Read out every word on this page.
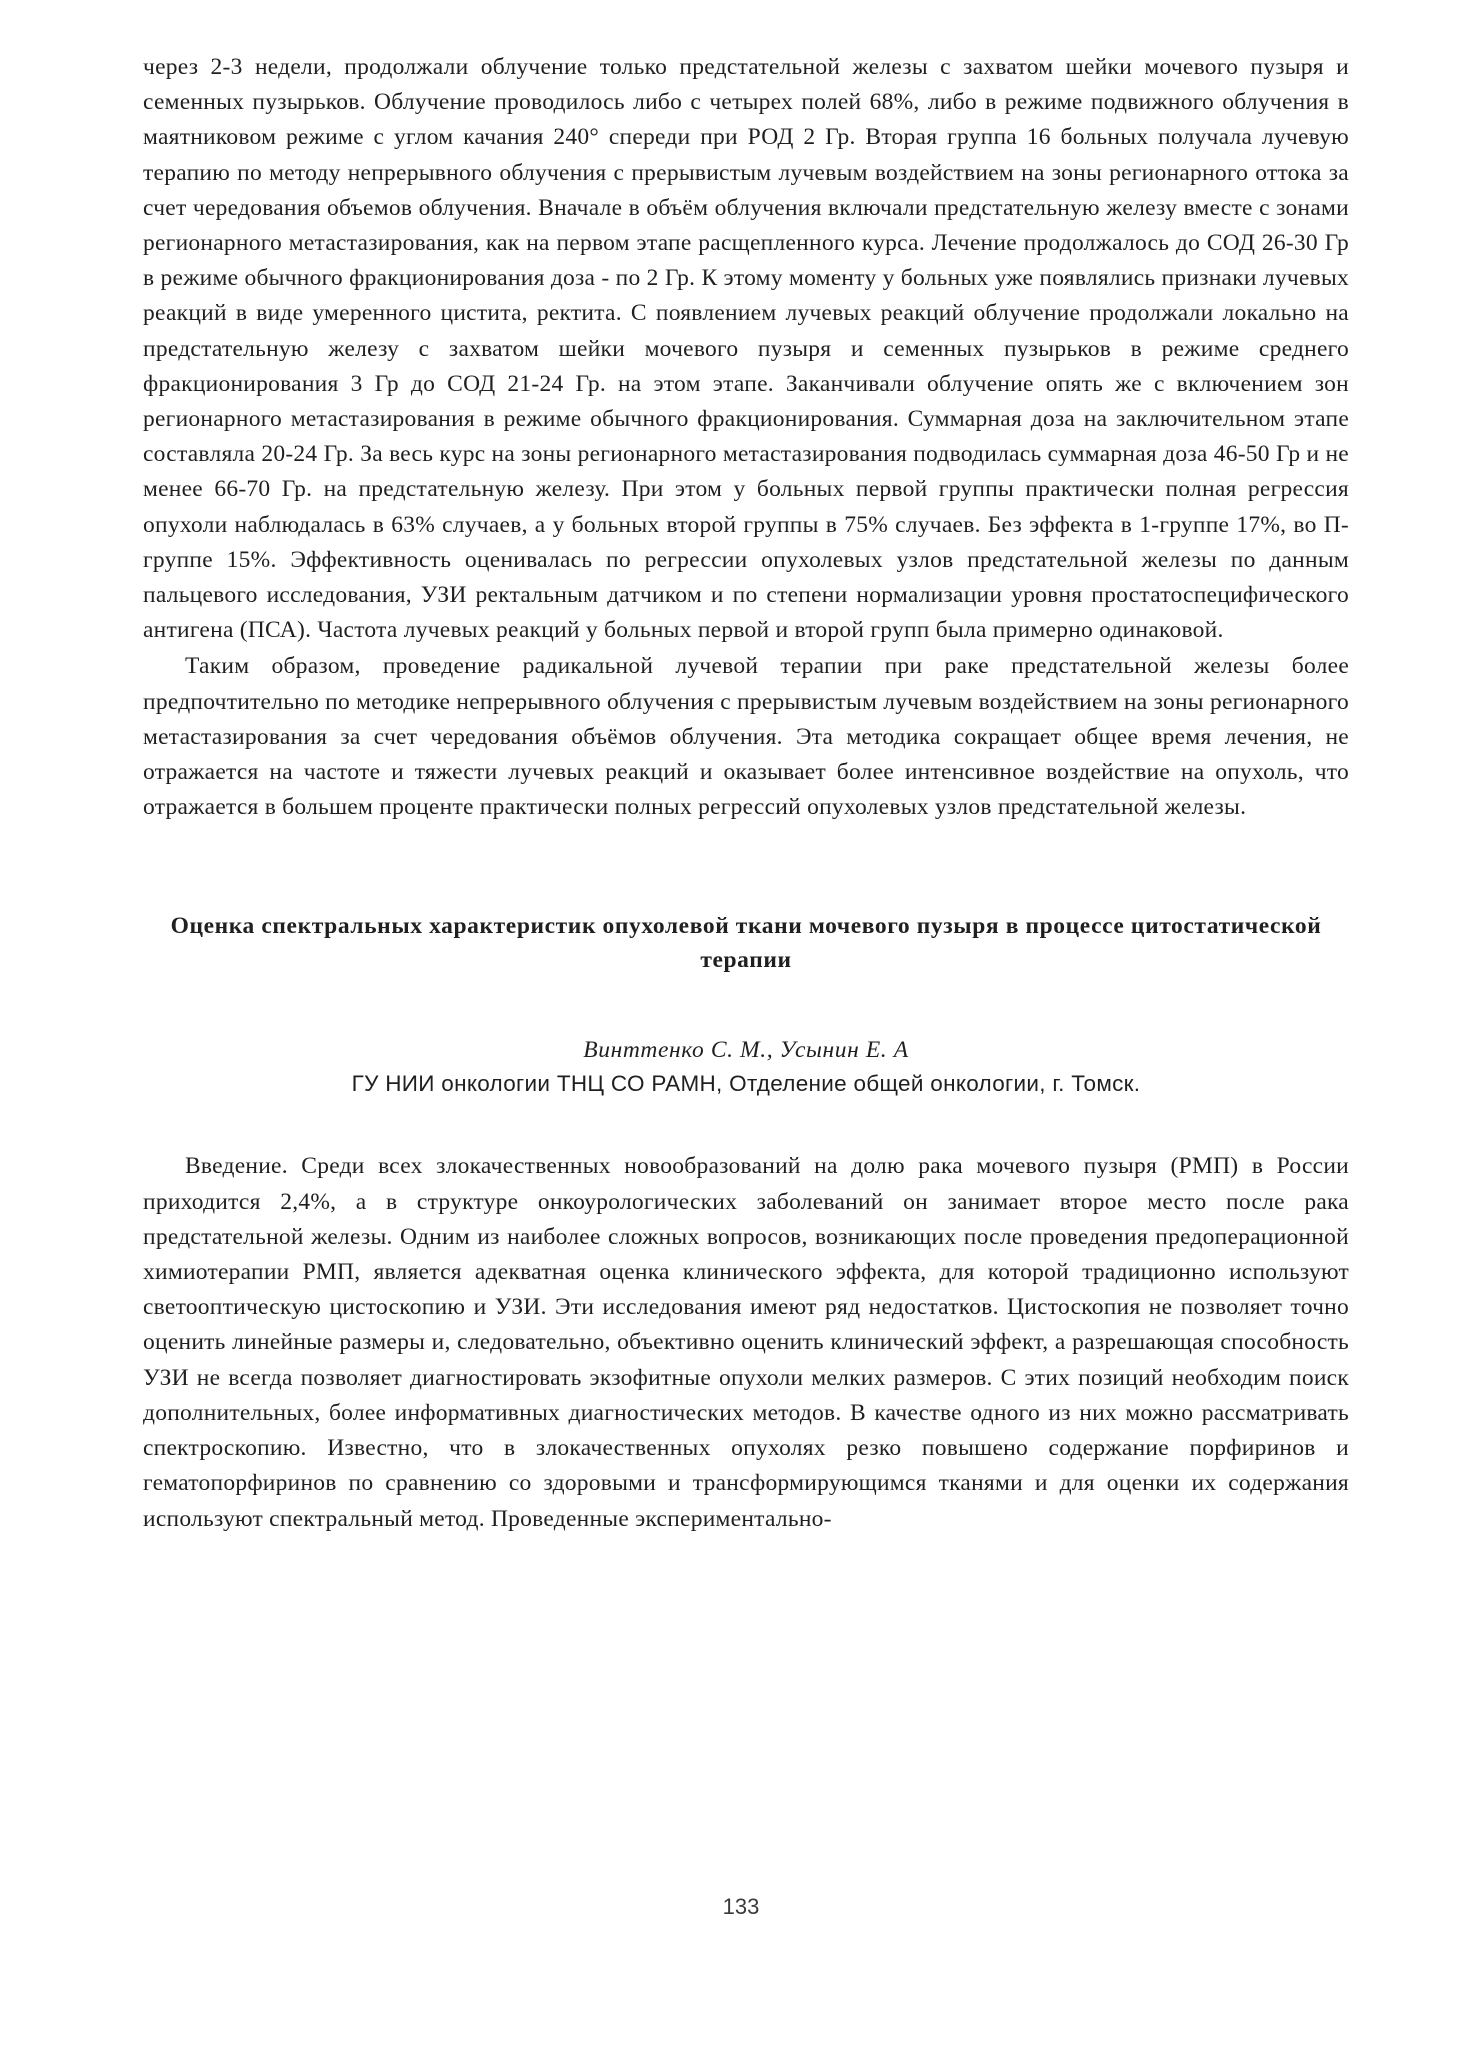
через 2-3 недели, продолжали облучение только предстательной железы с захватом шейки мочевого пузыря и семенных пузырьков. Облучение проводилось либо с четырех полей 68%, либо в режиме подвижного облучения в маятниковом режиме с углом качания 240° спереди при РОД 2 Гр. Вторая группа 16 больных получала лучевую терапию по методу непрерывного облучения с прерывистым лучевым воздействием на зоны регионарного оттока за счет чередования объемов облучения. Вначале в объём облучения включали предстательную железу вместе с зонами регионарного метастазирования, как на первом этапе расщепленного курса. Лечение продолжалось до СОД 26-30 Гр в режиме обычного фракционирования доза - по 2 Гр. К этому моменту у больных уже появлялись признаки лучевых реакций в виде умеренного цистита, ректита. С появлением лучевых реакций облучение продолжали локально на предстательную железу с захватом шейки мочевого пузыря и семенных пузырьков в режиме среднего фракционирования 3 Гр до СОД 21-24 Гр. на этом этапе. Заканчивали облучение опять же с включением зон регионарного метастазирования в режиме обычного фракционирования. Суммарная доза на заключительном этапе составляла 20-24 Гр. За весь курс на зоны регионарного метастазирования подводилась суммарная доза 46-50 Гр и не менее 66-70 Гр. на предстательную железу. При этом у больных первой группы практически полная регрессия опухоли наблюдалась в 63% случаев, а у больных второй группы в 75% случаев. Без эффекта в 1-группе 17%, во П-группе 15%. Эффективность оценивалась по регрессии опухолевых узлов предстательной железы по данным пальцевого исследования, УЗИ ректальным датчиком и по степени нормализации уровня простатоспецифического антигена (ПСА). Частота лучевых реакций у больных первой и второй групп была примерно одинаковой.

Таким образом, проведение радикальной лучевой терапии при раке предстательной железы более предпочтительно по методике непрерывного облучения с прерывистым лучевым воздействием на зоны регионарного метастазирования за счет чередования объёмов облучения. Эта методика сокращает общее время лечения, не отражается на частоте и тяжести лучевых реакций и оказывает более интенсивное воздействие на опухоль, что отражается в большем проценте практически полных регрессий опухолевых узлов предстательной железы.

Оценка спектральных характеристик опухолевой ткани мочевого пузыря в процессе цитостатической терапии

Винттенко С. М., Усынин Е. А

ГУ НИИ онкологии ТНЦ СО РАМН, Отделение общей онкологии, г. Томск.

Введение. Среди всех злокачественных новообразований на долю рака мочевого пузыря (РМП) в России приходится 2,4%, а в структуре онкоурологических заболеваний он занимает второе место после рака предстательной железы. Одним из наиболее сложных вопросов, возникающих после проведения предоперационной химиотерапии РМП, является адекватная оценка клинического эффекта, для которой традиционно используют светооптическую цистоскопию и УЗИ. Эти исследования имеют ряд недостатков. Цистоскопия не позволяет точно оценить линейные размеры и, следовательно, объективно оценить клинический эффект, а разрешающая способность УЗИ не всегда позволяет диагностировать экзофитные опухоли мелких размеров. С этих позиций необходим поиск дополнительных, более информативных диагностических методов. В качестве одного из них можно рассматривать спектроскопию. Известно, что в злокачественных опухолях резко повышено содержание порфиринов и гематопорфиринов по сравнению со здоровыми и трансформирующимся тканями и для оценки их содержания используют спектральный метод. Проведенные экспериментально-

133
